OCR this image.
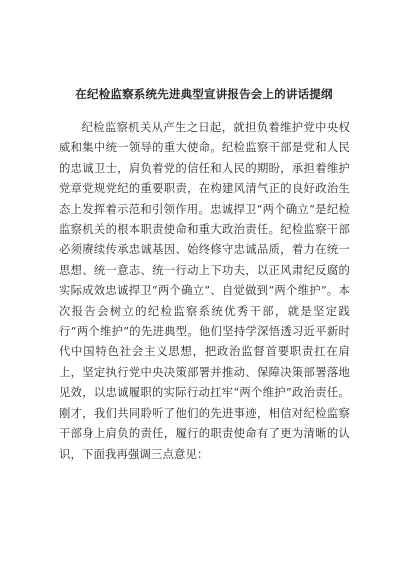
在纪检监察系统先进典型宣讲报告会上的讲话提纲

纪检监察机关从产生之日起，就担负着维护党中央权威和集中统一领导的重大使命。纪检监察干部是党和人民的忠诚卫士，肩负着党的信任和人民的期盼，承担着维护党章党规党纪的重要职责，在构建风清气正的良好政治生态上发挥着示范和引领作用。忠诚捍卫“两个确立”是纪检监察机关的根本职责使命和重大政治责任。纪检监察干部必须赓续传承忠诚基因、始终修守忠诚品质，着力在统一思想、统一意志、统一行动上下功夫，以正风肃纪反腐的实际成效忠诚捍卫“两个确立”、自觉做到“两个维护”。本次报告会树立的纪检监察系统优秀干部，就是坚定践行“两个维护”的先进典型。他们坚持学深悟透习近平新时代中国特色社会主义思想，把政治监督首要职责扛在肩上，坚定执行党中央决策部署并推动、保障决策部署落地见效，以忠诚履职的实际行动扛牢“两个维护”政治责任。刚才，我们共同聆听了他们的先进事迹，相信对纪检监察干部身上肩负的责任，履行的职责使命有了更为清晰的认识，下面我再强调三点意见：
